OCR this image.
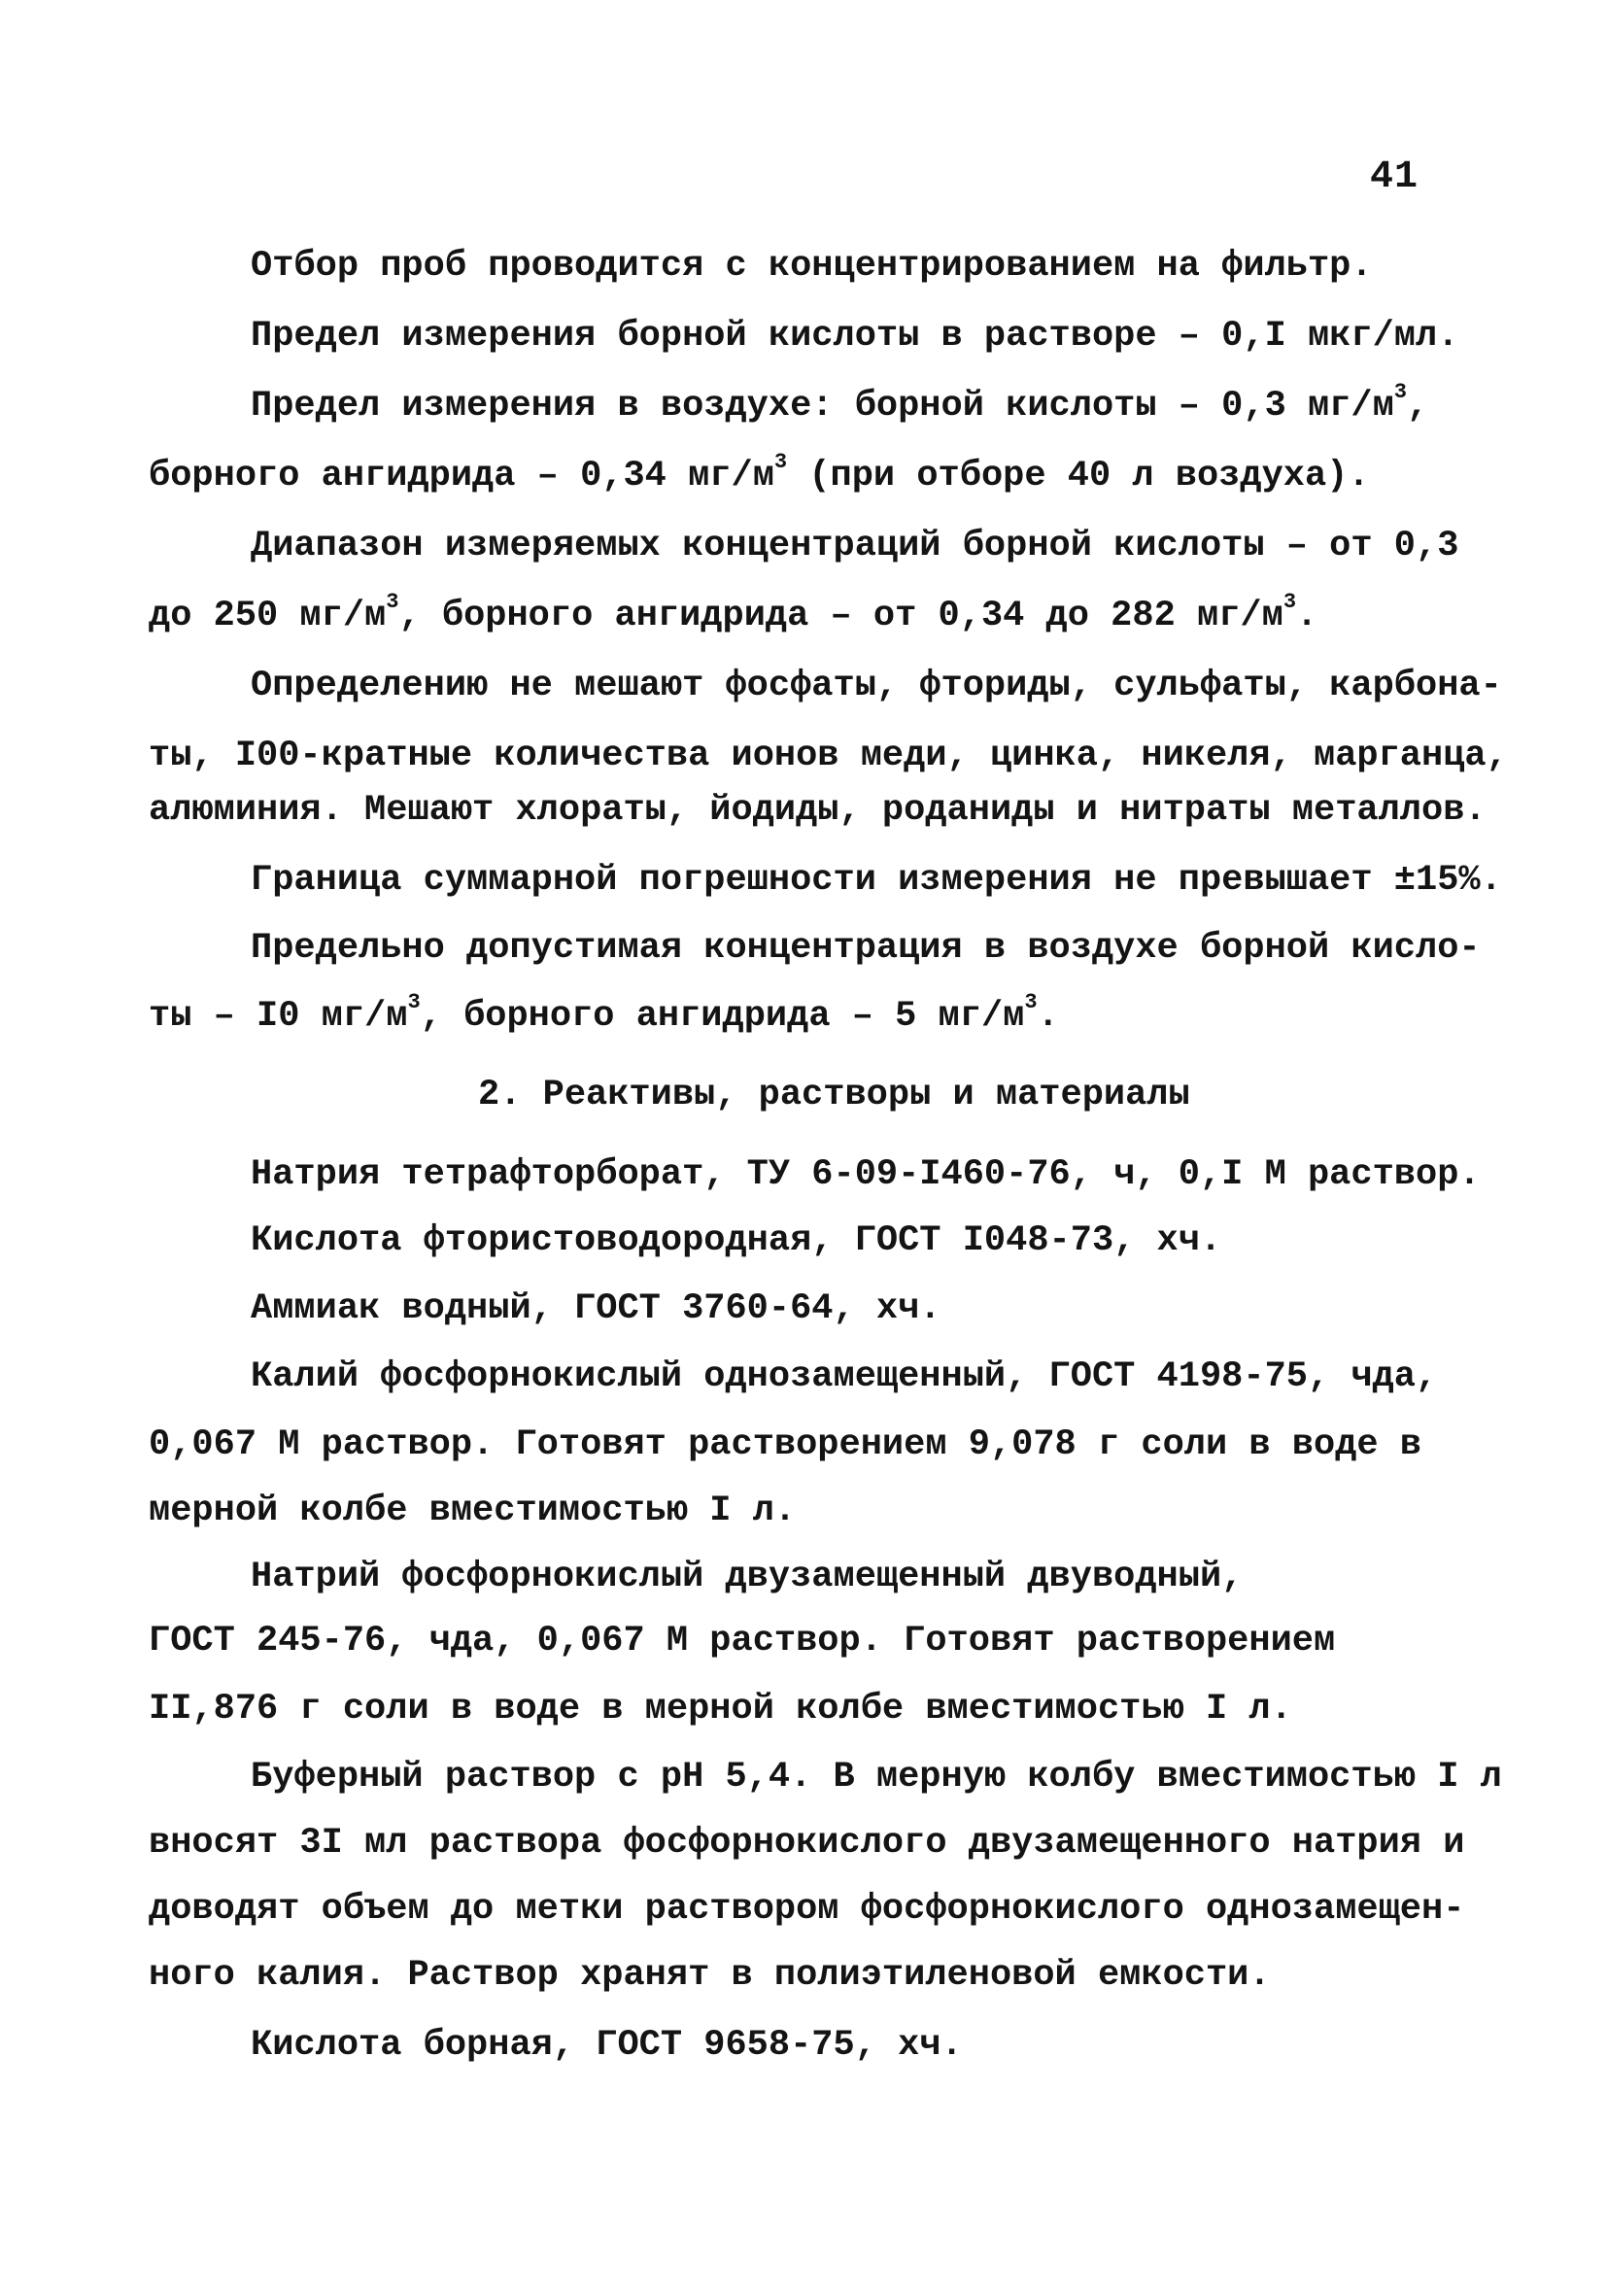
41
Отбор проб проводится с концентрированием на фильтр.
Предел измерения борной кислоты в растворе – 0,I мкг/мл.
Предел измерения в воздухе: борной кислоты – 0,3 $мг/м^3$,
борного ангидрида – 0,34 $мг/м^3$ (при отборе 40 л воздуха).
Диапазон измеряемых концентраций борной кислоты – от 0,3
до 250 $мг/м^3$, борного ангидрида – от 0,34 до 282 $мг/м^3$.
Определению не мешают фосфаты, фториды, сульфаты, карбона-
ты, I00-кратные количества ионов меди, цинка, никеля, марганца,
алюминия. Мешают хлораты, йодиды, роданиды и нитраты металлов.
Граница суммарной погрешности измерения не превышает ±15%.
Предельно допустимая концентрация в воздухе борной кисло-
ты – I0 $мг/м^3$, борного ангидрида – 5 $мг/м^3$.
2. Реактивы, растворы и материалы
Натрия тетрафторборат, ТУ 6-09-I460-76, ч, 0,I М раствор.
Кислота фтористоводородная, ГОСТ I048-73, хч.
Аммиак водный, ГОСТ 3760-64, хч.
Калий фосфорнокислый однозамещенный, ГОСТ 4198-75, чда,
0,067 М раствор. Готовят растворением 9,078 г соли в воде в
мерной колбе вместимостью I л.
Натрий фосфорнокислый двузамещенный двуводный,
ГОСТ 245-76, чда, 0,067 М раствор. Готовят растворением
II,876 г соли в воде в мерной колбе вместимостью I л.
Буферный раствор с рН 5,4. В мерную колбу вместимостью I л
вносят 3I мл раствора фосфорнокислого двузамещенного натрия и
доводят объем до метки раствором фосфорнокислого однозамещен-
ного калия. Раствор хранят в полиэтиленовой емкости.
Кислота борная, ГОСТ 9658-75, хч.
